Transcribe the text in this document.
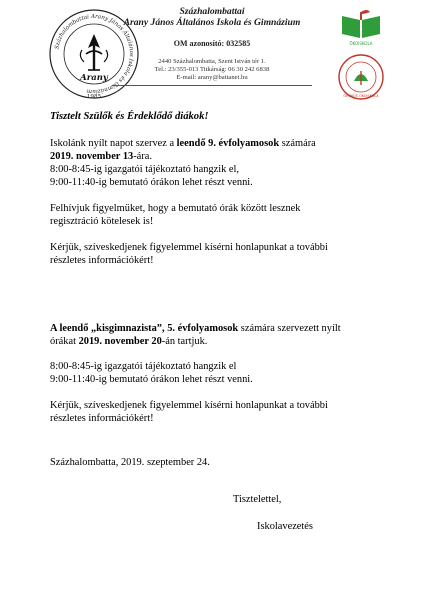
Százhalombattai Arany János Általános Iskola és Gimnázium
Arany
1985
ÖKOISKOLA
ÖRÖKÖS ÖKOISKOLA
Százhalombattai
Arany János Általános Iskola és Gimnázium
OM azonosító: 032585
2440 Százhalombatta, Szent István tér 1.
Tel.: 23/355-013 Titkárság: 06 30 242 6838
E-mail: arany@battanet.hu
Tisztelt Szülők és Érdeklődő diákok!
Iskolánk nyílt napot szervez a leendő 9. évfolyamosok számára
2019. november 13-ára.
8:00-8:45-ig igazgatói tájékoztató hangzik el,
9:00-11:40-ig bemutató órákon lehet részt venni.
Felhívjuk figyelmüket, hogy a bemutató órák között lesznek
regisztráció kötelesek is!
Kérjük, szíveskedjenek figyelemmel kísérni honlapunkat a további
részletes információkért!
A leendő „kisgimnazista”, 5. évfolyamosok számára szervezett nyílt
órákat 2019. november 20-án tartjuk.
8:00-8:45-ig igazgatói tájékoztató hangzik el
9:00-11:40-ig bemutató órákon lehet részt venni.
Kérjük, szíveskedjenek figyelemmel kísérni honlapunkat a további
részletes információkért!
Százhalombatta, 2019. szeptember 24.
Tisztelettel,
Iskolavezetés
